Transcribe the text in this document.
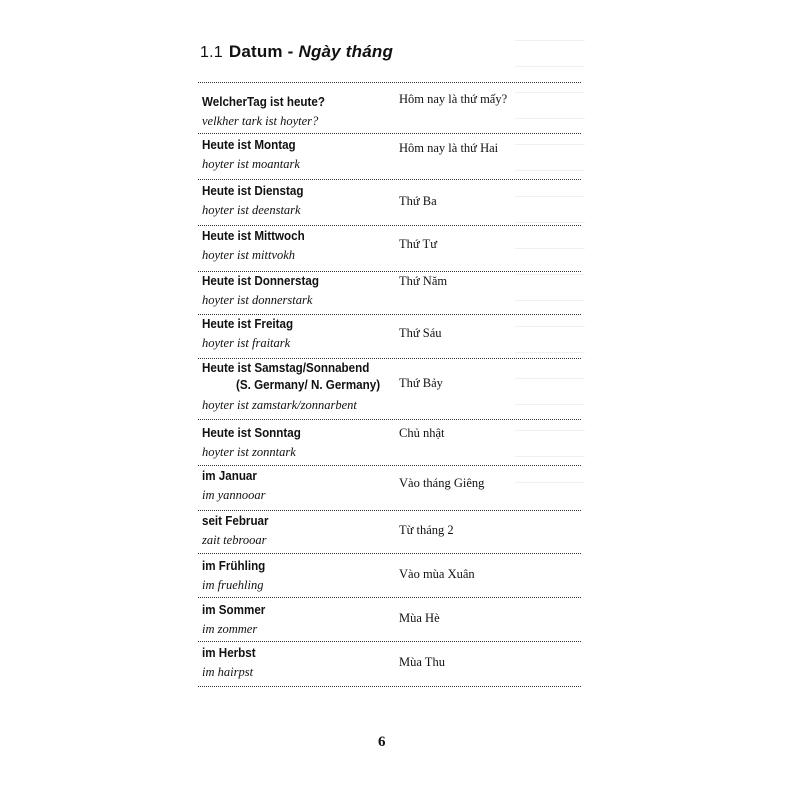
1.1 Datum - Ngày tháng
WelcherTag ist heute?
velkher tark ist hoyter?
Hôm nay là thứ mấy?
Heute ist Montag
hoyter ist moantark
Hôm nay là thứ Hai
Heute ist Dienstag
hoyter ist deenstark
Thứ Ba
Heute ist Mittwoch
hoyter ist mittvokh
Thứ Tư
Heute ist Donnerstag
hoyter ist donnerstark
Thứ Năm
Heute ist Freitag
hoyter ist fraitark
Thứ Sáu
Heute ist Samstag/Sonnabend
(S. Germany/ N. Germany)
hoyter ist zamstark/zonnarbent
Thứ Bảy
Heute ist Sonntag
hoyter ist zonntark
Chủ nhật
im Januar
im yannooar
Vào tháng Giêng
seit Februar
zait tebrooar
Từ tháng 2
im Frühling
im fruehling
Vào mùa Xuân
im Sommer
im zommer
Mùa Hè
im Herbst
im hairpst
Mùa Thu
6
